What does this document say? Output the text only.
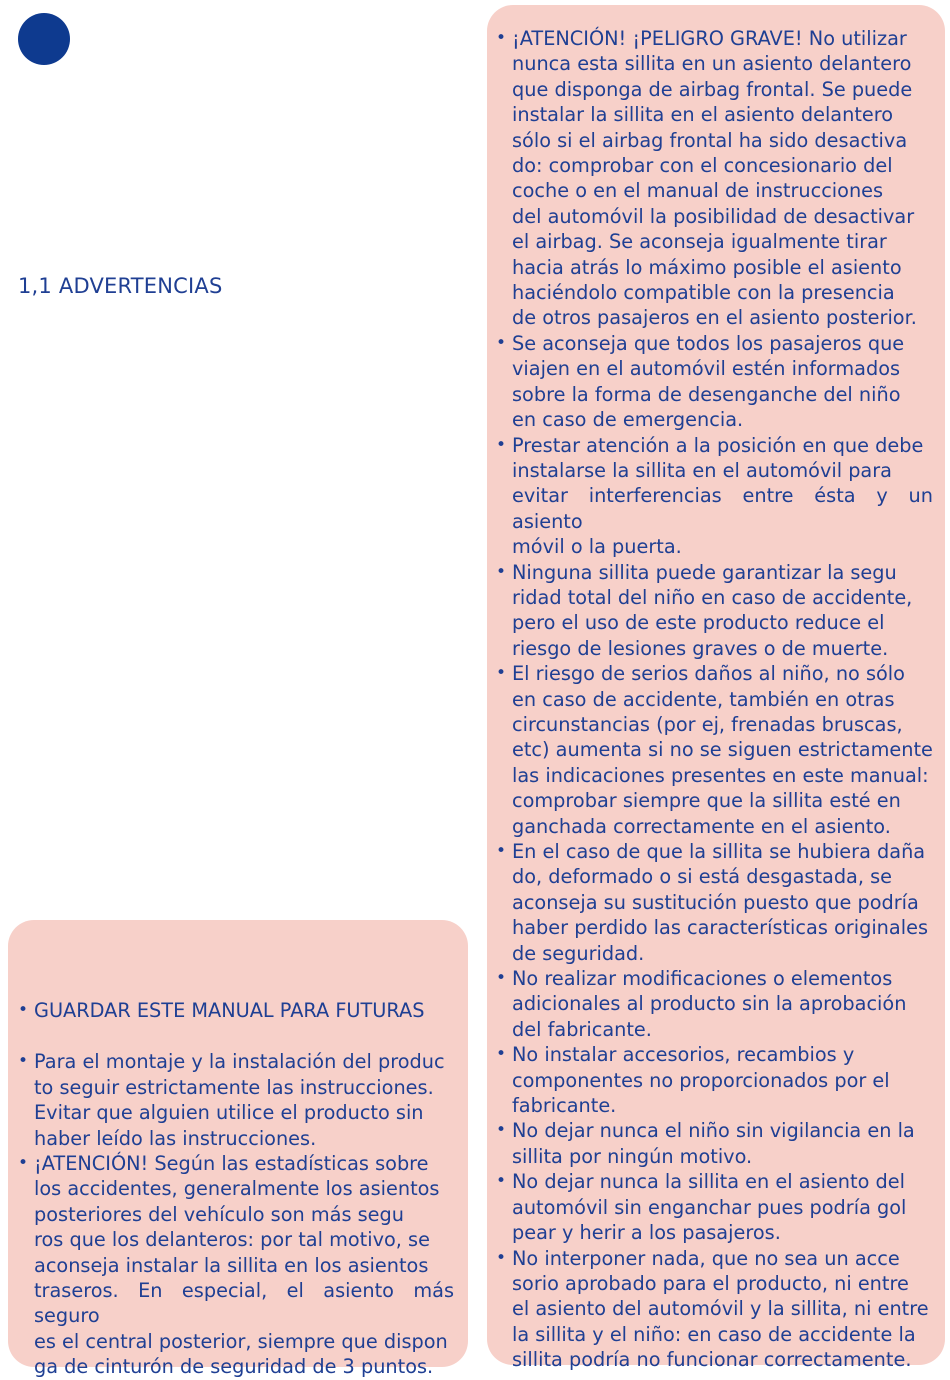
1,1 ADVERTENCIAS
• GUARDAR ESTE MANUAL PARA FUTURAS
• Para el montaje y la instalación del produc
to seguir estrictamente las instrucciones.
Evitar que alguien utilice el producto sin
haber leído las instrucciones.
• ¡ATENCIÓN! Según las estadísticas sobre
los accidentes, generalmente los asientos
posteriores del vehículo son más segu
ros que los delanteros: por tal motivo, se
aconseja instalar la sillita en los asientos
traseros. En especial, el asiento más seguro
es el central posterior, siempre que dispon
ga de cinturón de seguridad de 3 puntos.
• ¡ATENCIÓN! ¡PELIGRO GRAVE! No utilizar
nunca esta sillita en un asiento delantero
que disponga de airbag frontal. Se puede
instalar la sillita en el asiento delantero
sólo si el airbag frontal ha sido desactiva
do: comprobar con el concesionario del
coche o en el manual de instrucciones
del automóvil la posibilidad de desactivar
el airbag. Se aconseja igualmente tirar
hacia atrás lo máximo posible el asiento
haciéndolo compatible con la presencia
de otros pasajeros en el asiento posterior.
• Se aconseja que todos los pasajeros que
viajen en el automóvil estén informados
sobre la forma de desenganche del niño
en caso de emergencia.
• Prestar atención a la posición en que debe
instalarse la sillita en el automóvil para
evitar interferencias entre ésta y un asiento
móvil o la puerta.
• Ninguna sillita puede garantizar la segu
ridad total del niño en caso de accidente,
pero el uso de este producto reduce el
riesgo de lesiones graves o de muerte.
• El riesgo de serios daños al niño, no sólo
en caso de accidente, también en otras
circunstancias (por ej, frenadas bruscas,
etc) aumenta si no se siguen estrictamente
las indicaciones presentes en este manual:
comprobar siempre que la sillita esté en
ganchada correctamente en el asiento.
• En el caso de que la sillita se hubiera daña
do, deformado o si está desgastada, se
aconseja su sustitución puesto que podría
haber perdido las características originales
de seguridad.
• No realizar modificaciones o elementos
adicionales al producto sin la aprobación
del fabricante.
• No instalar accesorios, recambios y
componentes no proporcionados por el
fabricante.
• No dejar nunca el niño sin vigilancia en la
sillita por ningún motivo.
• No dejar nunca la sillita en el asiento del
automóvil sin enganchar pues podría gol
pear y herir a los pasajeros.
• No interponer nada, que no sea un acce
sorio aprobado para el producto, ni entre
el asiento del automóvil y la sillita, ni entre
la sillita y el niño: en caso de accidente la
sillita podría no funcionar correctamente.
